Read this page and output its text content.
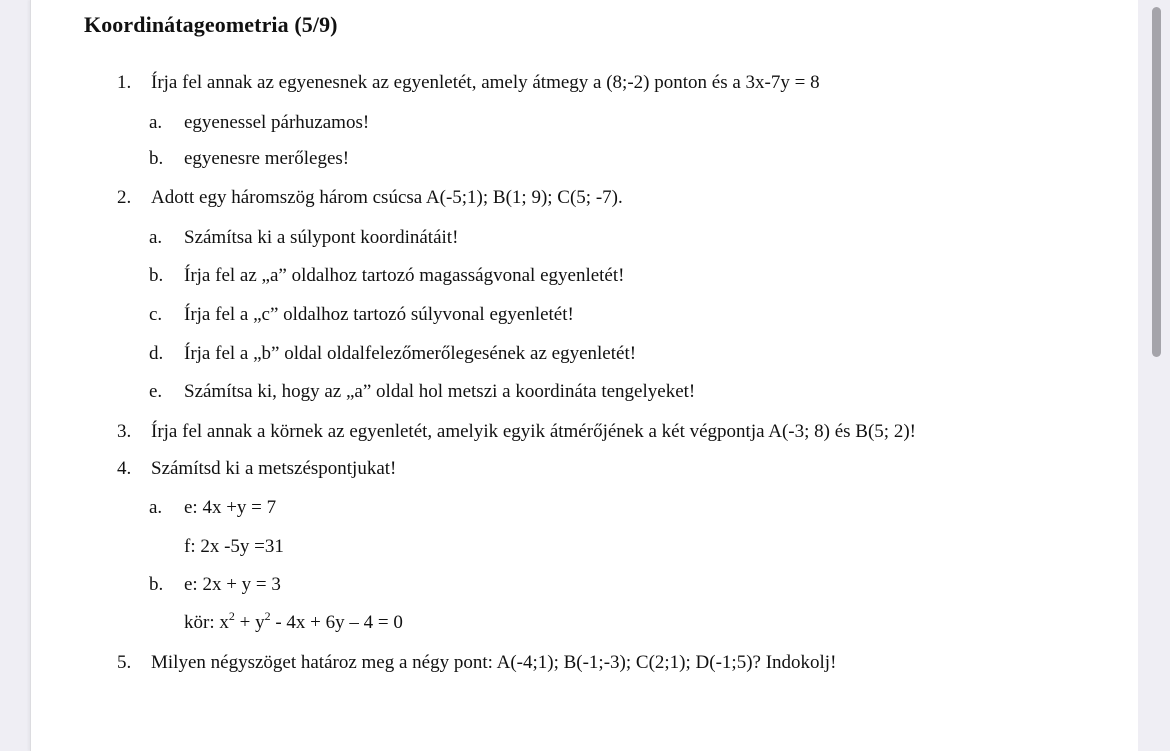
Koordinátageometria (5/9)
1.	Írja fel annak az egyenesnek az egyenletét, amely átmegy a (8;-2) ponton és a 3x-7y = 8
a.	egyenessel párhuzamos!
b.	egyenesre merőleges!
2.	Adott egy háromszög három csúcsa A(-5;1); B(1; 9); C(5; -7).
a.	Számítsa ki a súlypont koordinátáit!
b.	Írja fel az „a” oldalhoz tartozó magasságvonal egyenletét!
c.	Írja fel a „c” oldalhoz tartozó súlyvonal egyenletét!
d.	Írja fel a „b” oldal oldalfelezőmerőlegesének az egyenletét!
e.	Számítsa ki, hogy az „a” oldal hol metszi a koordináta tengelyeket!
3.	Írja fel annak a körnek az egyenletét, amelyik egyik átmérőjének a két végpontja A(-3; 8) és B(5; 2)!
4.	Számítsd ki a metszéspontjukat!
a.	e: 4x +y = 7
f: 2x -5y =31
b.	e: 2x + y = 3
kör: $x^2 + y^2 - 4x + 6y - 4 = 0$
5.	Milyen négyszöget határoz meg a négy pont: A(-4;1); B(-1;-3); C(2;1); D(-1;5)? Indokolj!
